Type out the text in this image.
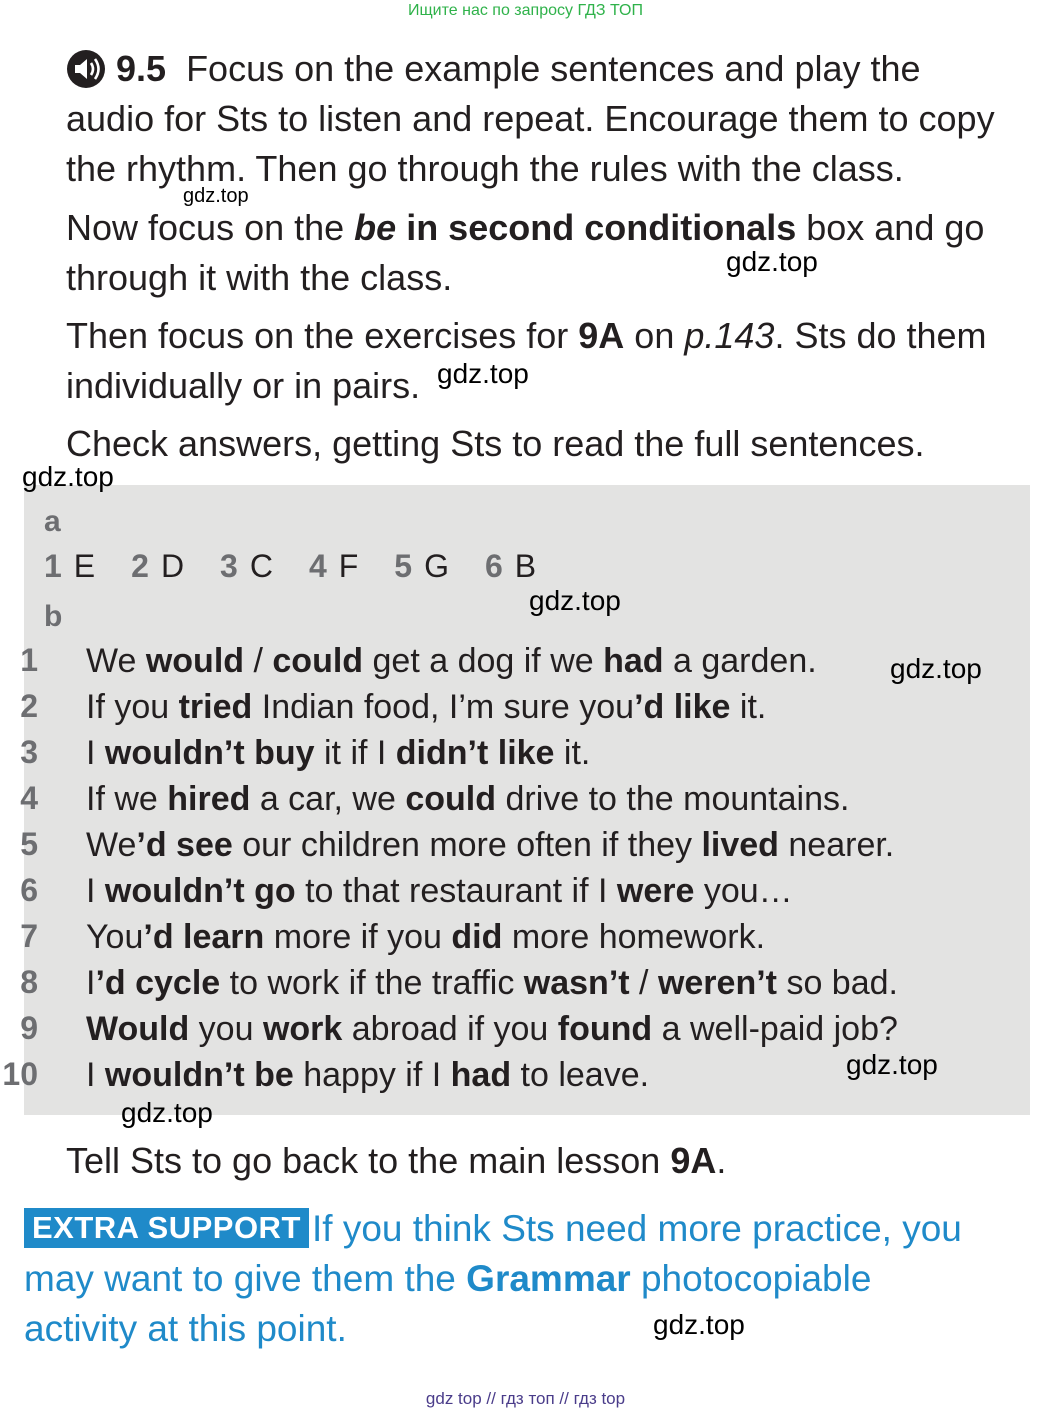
Ищите нас по запросу ГДЗ ТОП
9.5 Focus on the example sentences and play the
audio for Sts to listen and repeat. Encourage them to copy
the rhythm. Then go through the rules with the class.
Now focus on the be in second conditionals box and go
through it with the class.
Then focus on the exercises for 9A on p.143. Sts do them
individually or in pairs.
Check answers, getting Sts to read the full sentences.
a
1 E 2 D 3 C 4 F 5 G 6 B
b
1 We would / could get a dog if we had a garden.
2 If you tried Indian food, I’m sure you’d like it.
3 I wouldn’t buy it if I didn’t like it.
4 If we hired a car, we could drive to the mountains.
5 We’d see our children more often if they lived nearer.
6 I wouldn’t go to that restaurant if I were you…
7 You’d learn more if you did more homework.
8 I’d cycle to work if the traffic wasn’t / weren’t so bad.
9 Would you work abroad if you found a well-paid job?
10 I wouldn’t be happy if I had to leave.
Tell Sts to go back to the main lesson 9A.
EXTRA SUPPORT If you think Sts need more practice, you
may want to give them the Grammar photocopiable
activity at this point.
gdz.top
gdz.top
gdz.top
gdz.top
gdz.top
gdz.top
gdz.top
gdz.top
gdz.top
gdz top // гдз топ // гдз top
